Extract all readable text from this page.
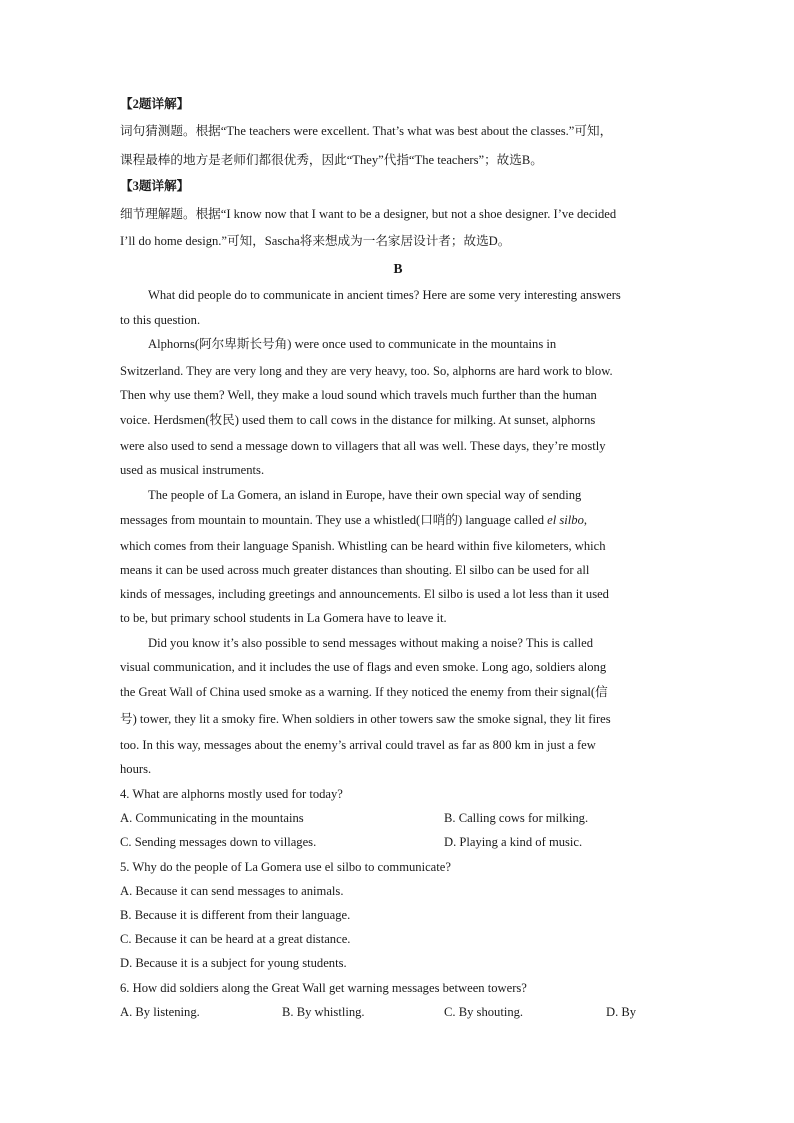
【2题详解】
词句猜测题。根据“The teachers were excellent. That’s what was best about the classes.”可知，
课程最棒的地方是老师们都很优秀，因此“They”代指“The teachers”；故选B。
【3题详解】
细节理解题。根据“I know now that I want to be a designer, but not a shoe designer. I’ve decided
I’ll do home design.”可知，Sascha将来想成为一名家居设计者；故选D。
B
What did people do to communicate in ancient times? Here are some very interesting answers
to this question.
Alphorns(阿尔卑斯长号角) were once used to communicate in the mountains in
Switzerland. They are very long and they are very heavy, too. So, alphorns are hard work to blow.
Then why use them? Well, they make a loud sound which travels much further than the human
voice. Herdsmen(牧民) used them to call cows in the distance for milking. At sunset, alphorns
were also used to send a message down to villagers that all was well. These days, they’re mostly
used as musical instruments.
The people of La Gomera, an island in Europe, have their own special way of sending
messages from mountain to mountain. They use a whistled(口哨的) language called el silbo,
which comes from their language Spanish. Whistling can be heard within five kilometers, which
means it can be used across much greater distances than shouting. El silbo can be used for all
kinds of messages, including greetings and announcements. El silbo is used a lot less than it used
to be, but primary school students in La Gomera have to leave it.
Did you know it’s also possible to send messages without making a noise? This is called
visual communication, and it includes the use of flags and even smoke. Long ago, soldiers along
the Great Wall of China used smoke as a warning. If they noticed the enemy from their signal(信
号) tower, they lit a smoky fire. When soldiers in other towers saw the smoke signal, they lit fires
too. In this way, messages about the enemy’s arrival could travel as far as 800 km in just a few
hours.
4. What are alphorns mostly used for today?
A. Communicating in the mountains	B. Calling cows for milking.
C. Sending messages down to villages.	D. Playing a kind of music.
5. Why do the people of La Gomera use el silbo to communicate?
A. Because it can send messages to animals.
B. Because it is different from their language.
C. Because it can be heard at a great distance.
D. Because it is a subject for young students.
6. How did soldiers along the Great Wall get warning messages between towers?
A. By listening.	B. By whistling.	C. By shouting.	D. By
